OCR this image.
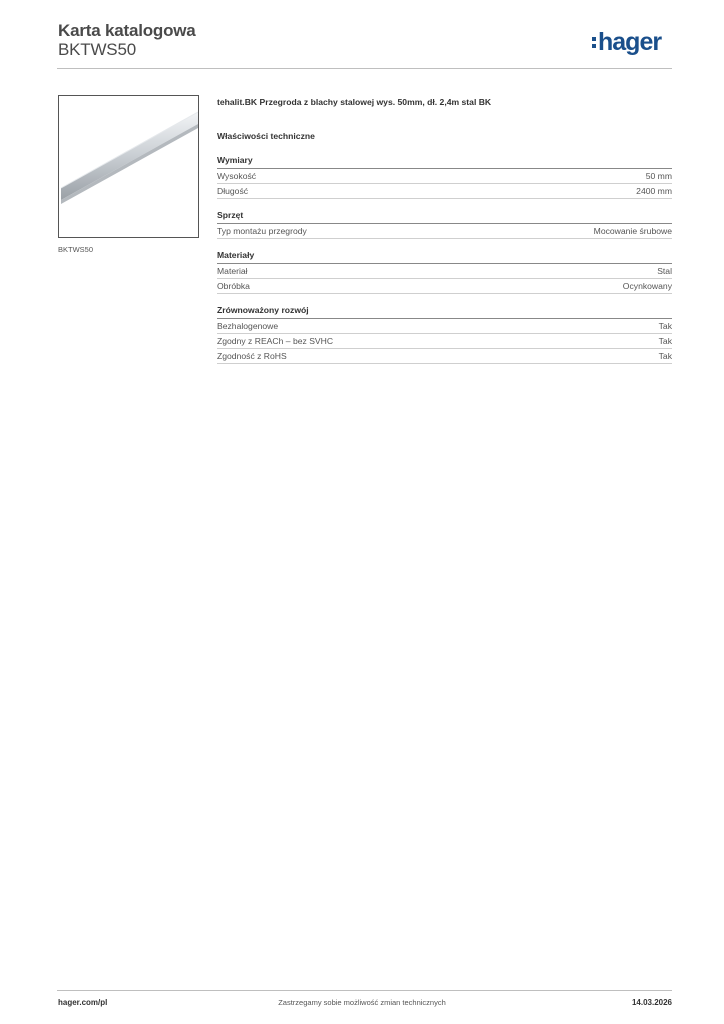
Karta katalogowa
BKTWS50	hager
BKTWS50
tehalit.BK Przegroda z blachy stalowej wys. 50mm, dł. 2,4m stal BK
Właściwości techniczne
Wymiary
Wysokość	50 mm
Długość	2400 mm
Sprzęt
Typ montażu przegrody	Mocowanie śrubowe
Materiały
Materiał	Stal
Obróbka	Ocynkowany
Zrównoważony rozwój
Bezhalogenowe	Tak
Zgodny z REACh – bez SVHC	Tak
Zgodność z RoHS	Tak
hager.com/pl	Zastrzegamy sobie możliwość zmian technicznych	14.03.2026
